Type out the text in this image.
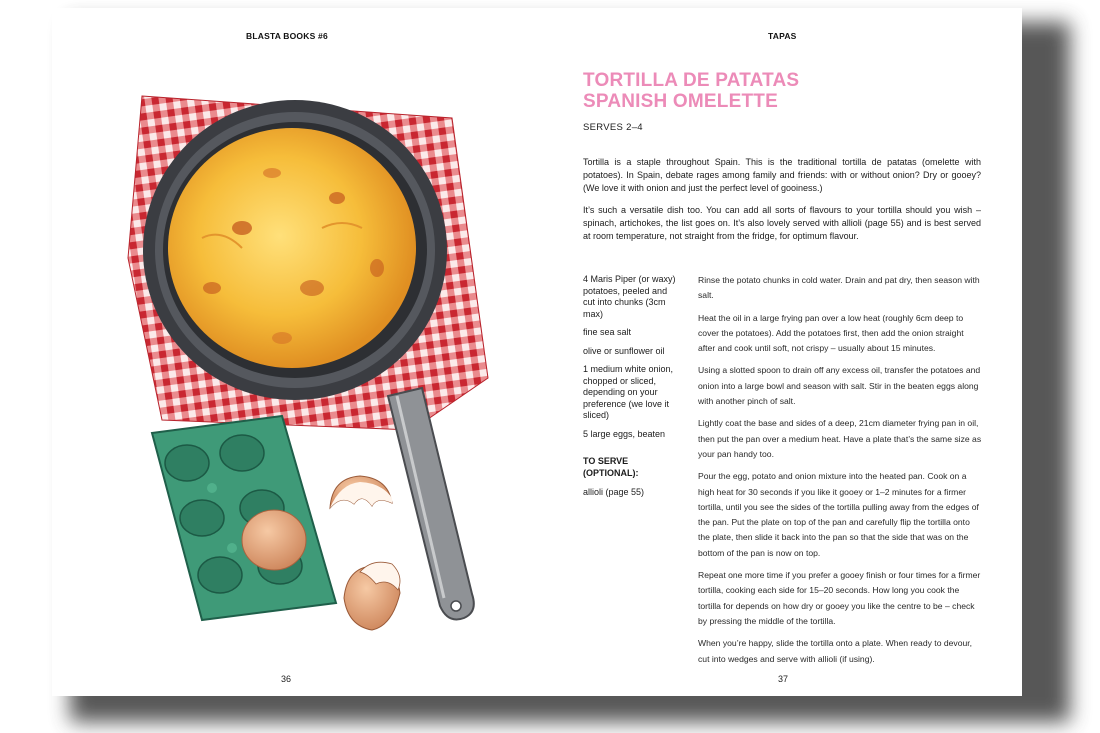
BLASTA BOOKS #6
36
TAPAS
TORTILLA DE PATATAS
SPANISH OMELETTE
SERVES 2–4

Tortilla is a staple throughout Spain. This is the traditional tortilla de patatas (omelette with potatoes). In Spain, debate rages among family and friends: with or without onion? Dry or gooey? (We love it with onion and just the perfect level of gooiness.)

It’s such a versatile dish too. You can add all sorts of flavours to your tortilla should you wish – spinach, artichokes, the list goes on. It’s also lovely served with allioli (page 55) and is best served at room temperature, not straight from the fridge, for optimum flavour.

4 Maris Piper (or waxy) potatoes, peeled and cut into chunks (3cm max)

fine sea salt

olive or sunflower oil

1 medium white onion, chopped or sliced, depending on your preference (we love it sliced)

5 large eggs, beaten

TO SERVE (OPTIONAL):

allioli (page 55)

Rinse the potato chunks in cold water. Drain and pat dry, then season with salt.

Heat the oil in a large frying pan over a low heat (roughly 6cm deep to cover the potatoes). Add the potatoes first, then add the onion straight after and cook until soft, not crispy – usually about 15 minutes.

Using a slotted spoon to drain off any excess oil, transfer the potatoes and onion into a large bowl and season with salt. Stir in the beaten eggs along with another pinch of salt.

Lightly coat the base and sides of a deep, 21cm diameter frying pan in oil, then put the pan over a medium heat. Have a plate that’s the same size as your pan handy too.

Pour the egg, potato and onion mixture into the heated pan. Cook on a high heat for 30 seconds if you like it gooey or 1–2 minutes for a firmer tortilla, until you see the sides of the tortilla pulling away from the edges of the pan. Put the plate on top of the pan and carefully flip the tortilla onto the plate, then slide it back into the pan so that the side that was on the bottom of the pan is now on top.

Repeat one more time if you prefer a gooey finish or four times for a firmer tortilla, cooking each side for 15–20 seconds. How long you cook the tortilla for depends on how dry or gooey you like the centre to be – check by pressing the middle of the tortilla.

When you’re happy, slide the tortilla onto a plate. When ready to devour, cut into wedges and serve with allioli (if using).

37
